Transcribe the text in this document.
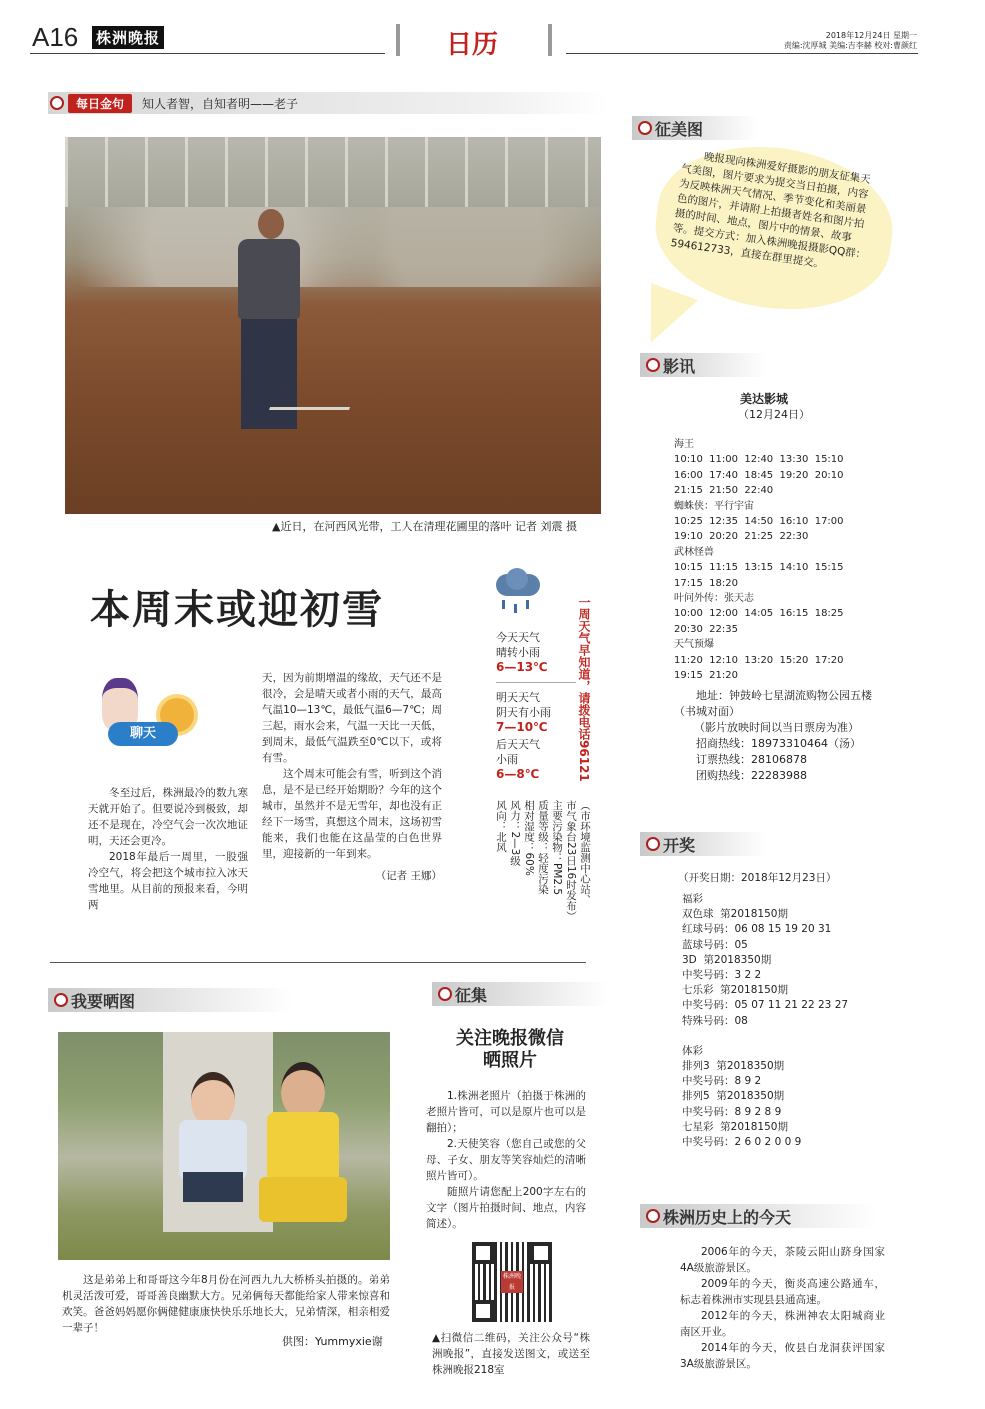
A16 株洲晚报	日历	2018年12月24日 星期一
责编:沈厚城 美编:吉李赫 校对:曹颜红
每日金句	知人者智，自知者明——老子
▲近日，在河西风光带，工人在清理花圃里的落叶 记者 刘震 摄
本周末或迎初雪
聊天

冬至过后，株洲最冷的数九寒天就开始了。但要说冷到极致，却还不是现在，冷空气会一次次地证明，天还会更冷。

2018年最后一周里，一股强冷空气，将会把这个城市拉入冰天雪地里。从目前的预报来看，今明两

天，因为前期增温的缘故，天气还不是很冷，会是晴天或者小雨的天气，最高气温10—13℃，最低气温6—7℃；周三起，雨水会来，气温一天比一天低，到周末，最低气温跌至0℃以下，或将有雪。

这个周末可能会有雪，听到这个消息，是不是已经开始期盼？今年的这个城市，虽然并不是无雪年，却也没有正经下一场雪，真想这个周末，这场初雪能来，我们也能在这晶莹的白色世界里，迎接新的一年到来。

（记者 王娜）

今天天气
晴转小雨
6—13℃
明天天气
阴天有小雨
7—10℃
后天天气
小雨
6—8℃	一周天气早知道，请拨电话96121
（市环境监测中心站、
市气象台23日16时发布）
主要污染物：PM2.5
质量等级：轻度污染
相对湿度：60%
风力：2—3级
风向：北风
我要晒图
这是弟弟上和哥哥这今年8月份在河西九九大桥桥头拍摄的。弟弟机灵活泼可爱，哥哥善良幽默大方。兄弟俩每天都能给家人带来惊喜和欢笑。爸爸妈妈愿你俩健健康康快快乐乐地长大，兄弟情深，相亲相爱一辈子！
供图：Yummyxie谢
征集
关注晚报微信
晒照片

1.株洲老照片（拍摄于株洲的老照片皆可，可以是原片也可以是翻拍）；

2.天使笑容（您自己或您的父母、子女、朋友等笑容灿烂的清晰照片皆可）。

随照片请您配上200字左右的文字（图片拍摄时间、地点，内容简述）。

株洲晚报
▲扫微信二维码，关注公众号“株洲晚报”，直接发送图文，或送至株洲晚报218室
征美图
晚报现向株洲爱好摄影的朋友征集天气美图，图片要求为提交当日拍摄，内容为反映株洲天气情况、季节变化和美丽景色的图片，并请附上拍摄者姓名和图片拍摄的时间、地点，图片中的情景、故事等。提交方式：加入株洲晚报摄影QQ群：594612733，直接在群里提交。
影讯
美达影城
（12月24日）
海王
10:10  11:00  12:40  13:30  15:10
16:00  17:40  18:45  19:20  20:10
21:15  21:50  22:40
蜘蛛侠：平行宇宙
10:25  12:35  14:50  16:10  17:00
19:10  20:20  21:25  22:30
武林怪兽
10:15  11:15  13:15  14:10  15:15
17:15  18:20
叶问外传：张天志
10:00  12:00  14:05  16:15  18:25
20:30  22:35
天气预爆
11:20  12:10  13:20  15:20  17:20
19:15  21:20
地址：钟鼓岭七星湖流购物公园五楼（书城对面）
（影片放映时间以当日票房为准）
招商热线：18973310464（汤）
订票热线：28106878
团购热线：22283988
开奖
（开奖日期：2018年12月23日）
福彩
双色球  第2018150期
红球号码：06 08 15 19 20 31
蓝球号码：05
3D  第2018350期
中奖号码：3 2 2
七乐彩  第2018150期
中奖号码：05 07 11 21 22 23 27
特殊号码：08
体彩
排列3  第2018350期
中奖号码：8 9 2
排列5  第2018350期
中奖号码：8 9 2 8 9
七星彩  第2018150期
中奖号码：2 6 0 2 0 0 9
株洲历史上的今天

2006年的今天，茶陵云阳山跻身国家4A级旅游景区。

2009年的今天，衡炎高速公路通车，标志着株洲市实现县县通高速。

2012年的今天，株洲神农太阳城商业南区开业。

2014年的今天，攸县白龙洞获评国家3A级旅游景区。
